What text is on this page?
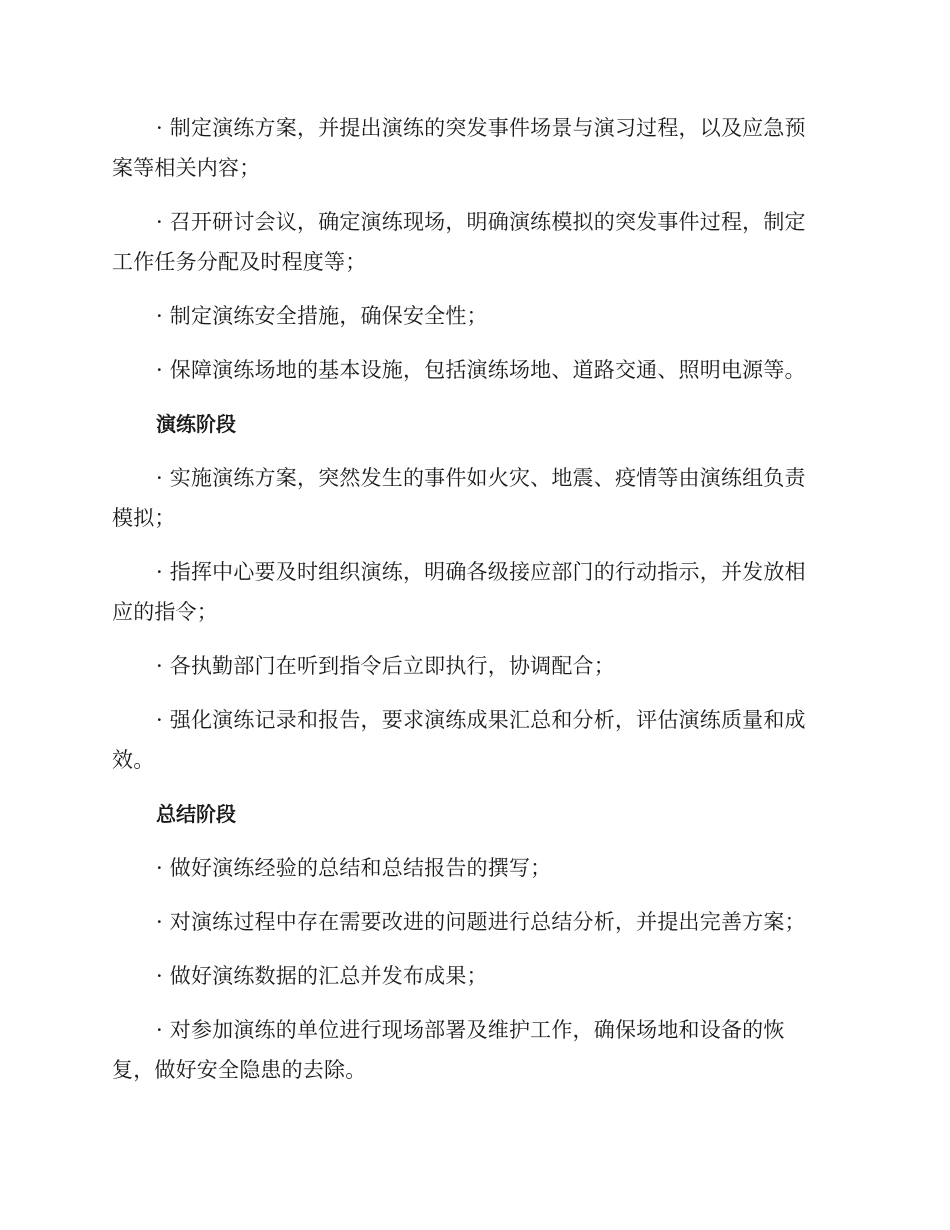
· 制定演练方案，并提出演练的突发事件场景与演习过程，以及应急预案等相关内容；

· 召开研讨会议，确定演练现场，明确演练模拟的突发事件过程，制定工作任务分配及时程度等；

· 制定演练安全措施，确保安全性；

· 保障演练场地的基本设施，包括演练场地、道路交通、照明电源等。

演练阶段

· 实施演练方案，突然发生的事件如火灾、地震、疫情等由演练组负责模拟；

· 指挥中心要及时组织演练，明确各级接应部门的行动指示，并发放相应的指令；

· 各执勤部门在听到指令后立即执行，协调配合；

· 强化演练记录和报告，要求演练成果汇总和分析，评估演练质量和成效。

总结阶段

· 做好演练经验的总结和总结报告的撰写；

· 对演练过程中存在需要改进的问题进行总结分析，并提出完善方案；

· 做好演练数据的汇总并发布成果；

· 对参加演练的单位进行现场部署及维护工作，确保场地和设备的恢复，做好安全隐患的去除。
